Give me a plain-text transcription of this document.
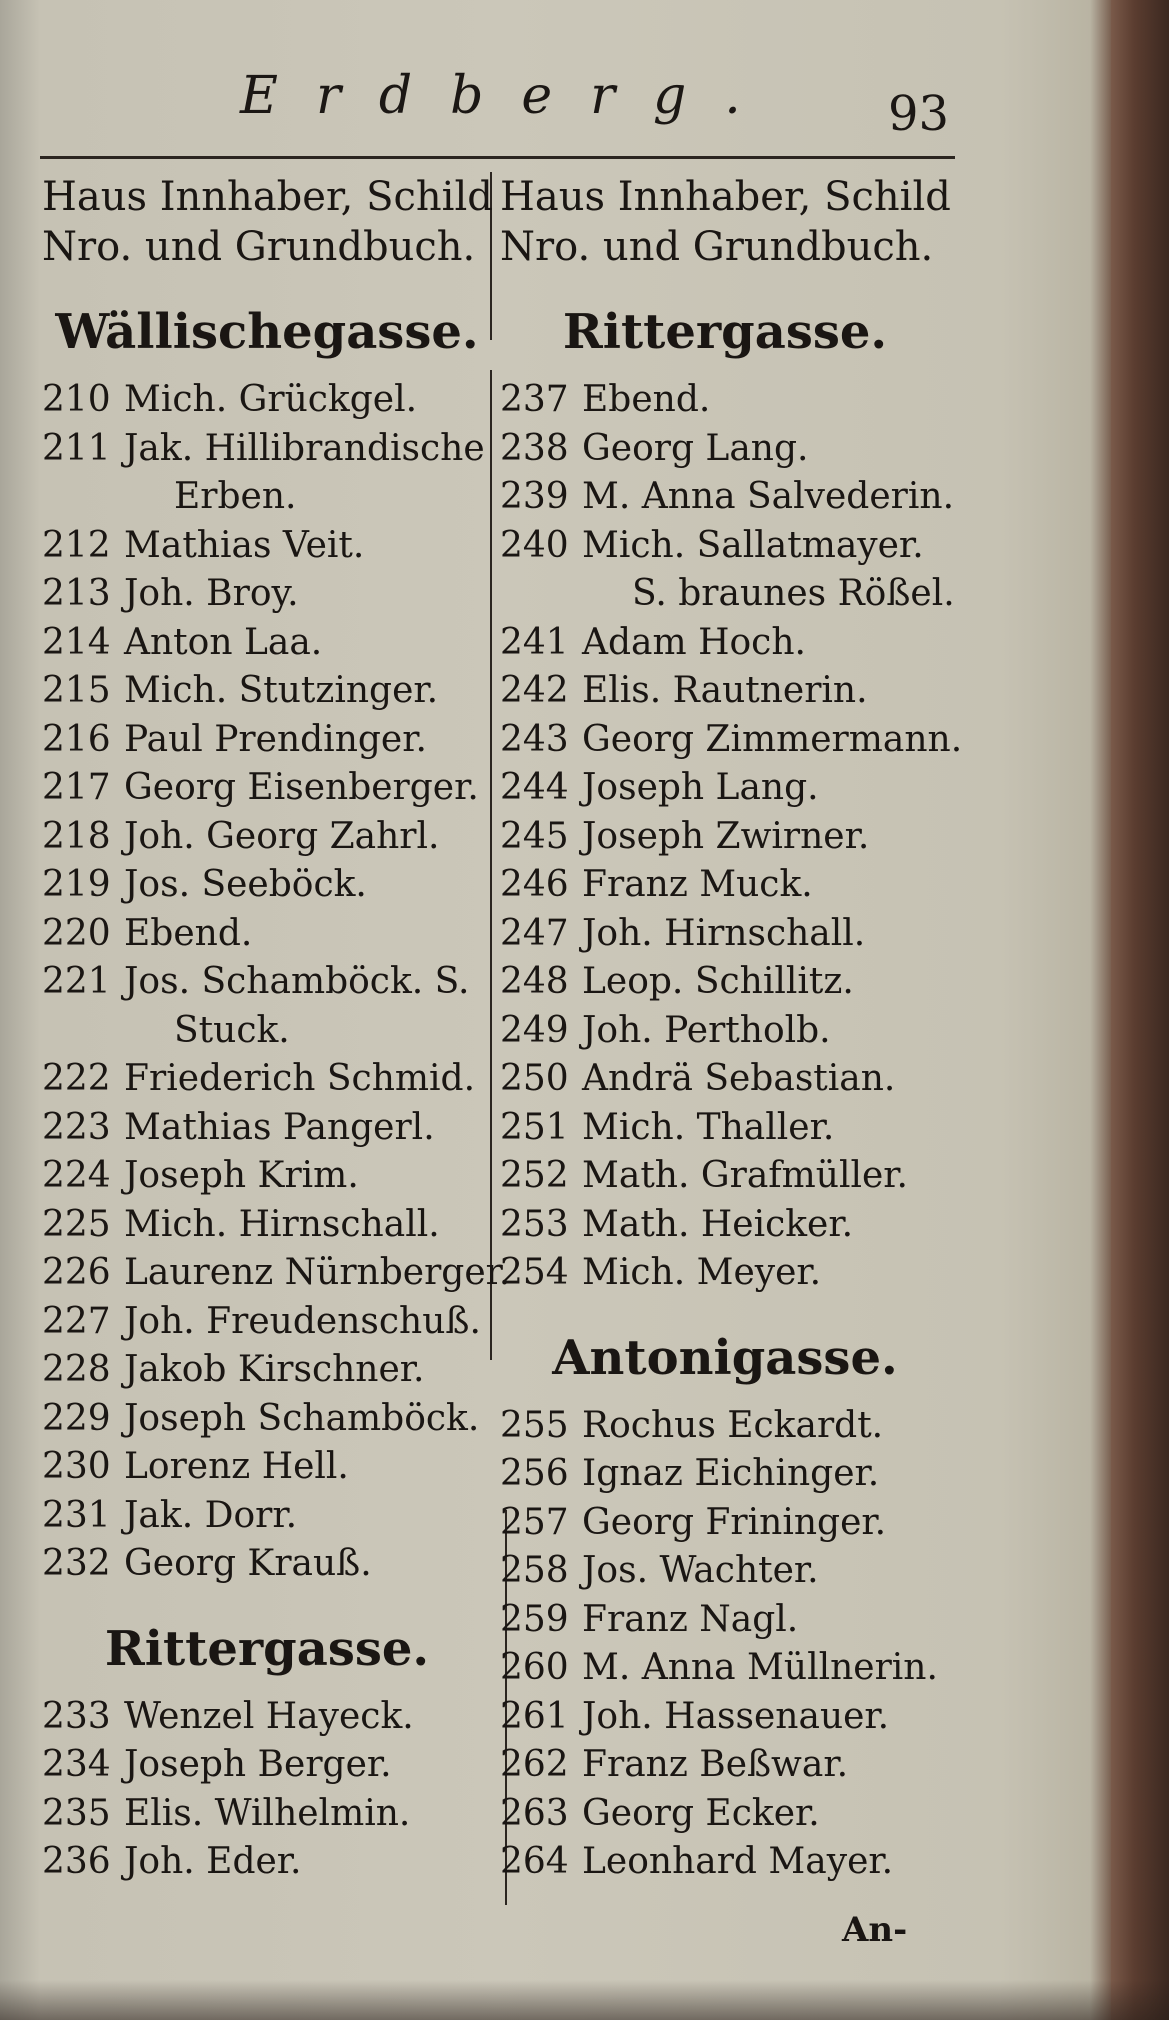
Erdberg. 93
Haus Innhaber, Schild
Nro. und Grundbuch.
Wällischegasse.
210 Mich. Grückgel.
211 Jak. Hillibrandische
Erben.
212 Mathias Veit.
213 Joh. Broy.
214 Anton Laa.
215 Mich. Stutzinger.
216 Paul Prendinger.
217 Georg Eisenberger.
218 Joh. Georg Zahrl.
219 Jos. Seeböck.
220 Ebend.
221 Jos. Schamböck. S.
Stuck.
222 Friederich Schmid.
223 Mathias Pangerl.
224 Joseph Krim.
225 Mich. Hirnschall.
226 Laurenz Nürnberger.
227 Joh. Freudenschuß.
228 Jakob Kirschner.
229 Joseph Schamböck.
230 Lorenz Hell.
231 Jak. Dorr.
232 Georg Krauß.
Rittergasse.
233 Wenzel Hayeck.
234 Joseph Berger.
235 Elis. Wilhelmin.
236 Joh. Eder.
Haus Innhaber, Schild
Nro. und Grundbuch.
Rittergasse.
237 Ebend.
238 Georg Lang.
239 M. Anna Salvederin.
240 Mich. Sallatmayer.
S. braunes Rößel.
241 Adam Hoch.
242 Elis. Rautnerin.
243 Georg Zimmermann.
244 Joseph Lang.
245 Joseph Zwirner.
246 Franz Muck.
247 Joh. Hirnschall.
248 Leop. Schillitz.
249 Joh. Pertholb.
250 Andrä Sebastian.
251 Mich. Thaller.
252 Math. Grafmüller.
253 Math. Heicker.
254 Mich. Meyer.
Antonigasse.
255 Rochus Eckardt.
256 Ignaz Eichinger.
257 Georg Frininger.
258 Jos. Wachter.
259 Franz Nagl.
260 M. Anna Müllnerin.
261 Joh. Hassenauer.
262 Franz Beßwar.
263 Georg Ecker.
264 Leonhard Mayer.
An-
